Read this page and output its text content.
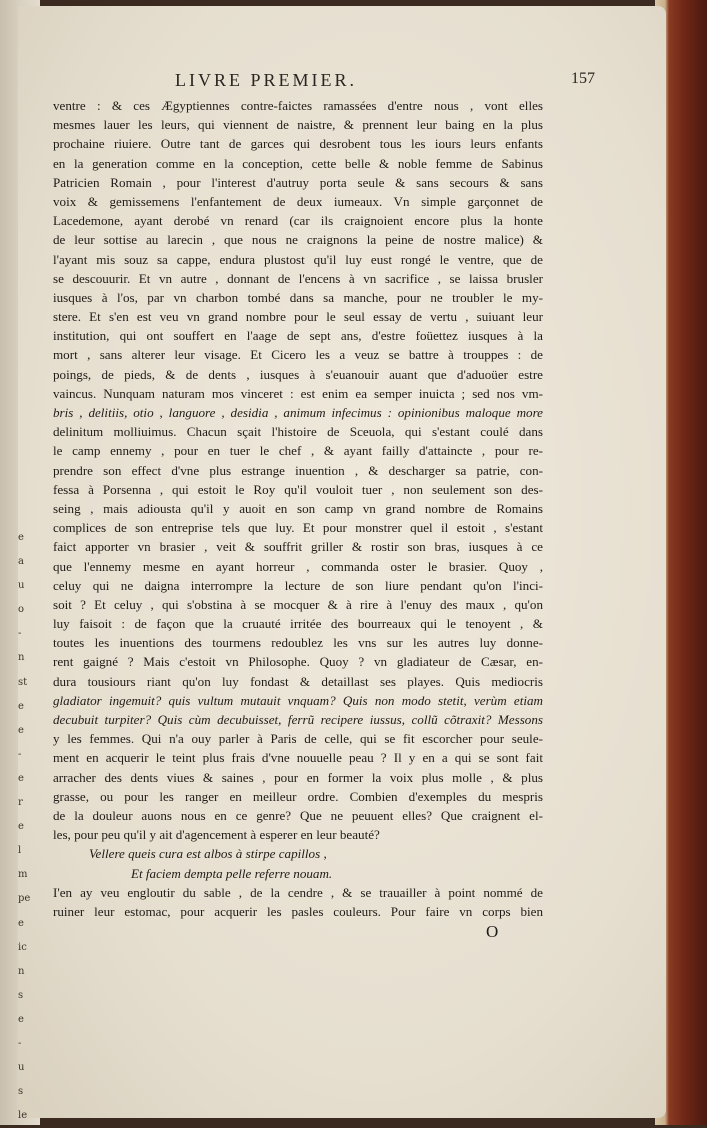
e
a
u
o
-
n
st
e
e
-
e
r
e
l
m
pe
e
ic
n
s
e
-
u
s
le
LIVRE PREMIER.	157
ventre : & ces Ægyptiennes contre-faictes ramassées d'entre nous , vont elles
mesmes lauer les leurs, qui viennent de naistre, & prennent leur baing en la plus
prochaine riuiere. Outre tant de garces qui desrobent tous les iours leurs enfants
en la generation comme en la conception, cette belle & noble femme de Sabinus
Patricien Romain , pour l'interest d'autruy porta seule & sans secours & sans
voix & gemissemens l'enfantement de deux iumeaux. Vn simple garçonnet de
Lacedemone, ayant derobé vn renard (car ils craignoient encore plus la honte
de leur sottise au larecin , que nous ne craignons la peine de nostre malice) &
l'ayant mis souz sa cappe, endura plustost qu'il luy eust rongé le ventre, que de
se descouurir. Et vn autre , donnant de l'encens à vn sacrifice , se laissa brusler
iusques à l'os, par vn charbon tombé dans sa manche, pour ne troubler le my-
stere. Et s'en est veu vn grand nombre pour le seul essay de vertu , suiuant leur
institution, qui ont souffert en l'aage de sept ans, d'estre foüettez iusques à la
mort , sans alterer leur visage. Et Cicero les a veuz se battre à trouppes : de
poings, de pieds, & de dents , iusques à s'euanouir auant que d'aduoüer estre
vaincus. Nunquam naturam mos vinceret : est enim ea semper inuicta ; sed nos vm-
bris , delitiis, otio , languore , desidia , animum infecimus : opinionibus maloque more
delinitum molliuimus. Chacun sçait l'histoire de Sceuola, qui s'estant coulé dans
le camp ennemy , pour en tuer le chef , & ayant failly d'attaincte , pour re-
prendre son effect d'vne plus estrange inuention , & descharger sa patrie, con-
fessa à Porsenna , qui estoit le Roy qu'il vouloit tuer , non seulement son des-
seing , mais adiousta qu'il y auoit en son camp vn grand nombre de Romains
complices de son entreprise tels que luy. Et pour monstrer quel il estoit , s'estant
faict apporter vn brasier , veit & souffrit griller & rostir son bras, iusques à ce
que l'ennemy mesme en ayant horreur , commanda oster le brasier. Quoy ,
celuy qui ne daigna interrompre la lecture de son liure pendant qu'on l'inci-
soit ? Et celuy , qui s'obstina à se mocquer & à rire à l'enuy des maux , qu'on
luy faisoit : de façon que la cruauté irritée des bourreaux qui le tenoyent , &
toutes les inuentions des tourmens redoublez les vns sur les autres luy donne-
rent gaigné ? Mais c'estoit vn Philosophe. Quoy ? vn gladiateur de Cæsar, en-
dura tousiours riant qu'on luy fondast & detaillast ses playes. Quis mediocris
gladiator ingemuit? quis vultum mutauit vnquam? Quis non modo stetit, verùm etiam
decubuit turpiter? Quis cùm decubuisset, ferrũ recipere iussus, collũ cõtraxit? Messons
y les femmes. Qui n'a ouy parler à Paris de celle, qui se fit escorcher pour seule-
ment en acquerir le teint plus frais d'vne nouuelle peau ? Il y en a qui se sont fait
arracher des dents viues & saines , pour en former la voix plus molle , & plus
grasse, ou pour les ranger en meilleur ordre. Combien d'exemples du mespris
de la douleur auons nous en ce genre? Que ne peuuent elles? Que craignent el-
les, pour peu qu'il y ait d'agencement à esperer en leur beauté?
Vellere queis cura est albos à stirpe capillos ,
Et faciem dempta pelle referre nouam.
I'en ay veu engloutir du sable , de la cendre , & se trauailler à point nommé de
ruiner leur estomac, pour acquerir les pasles couleurs. Pour faire vn corps bien
O
